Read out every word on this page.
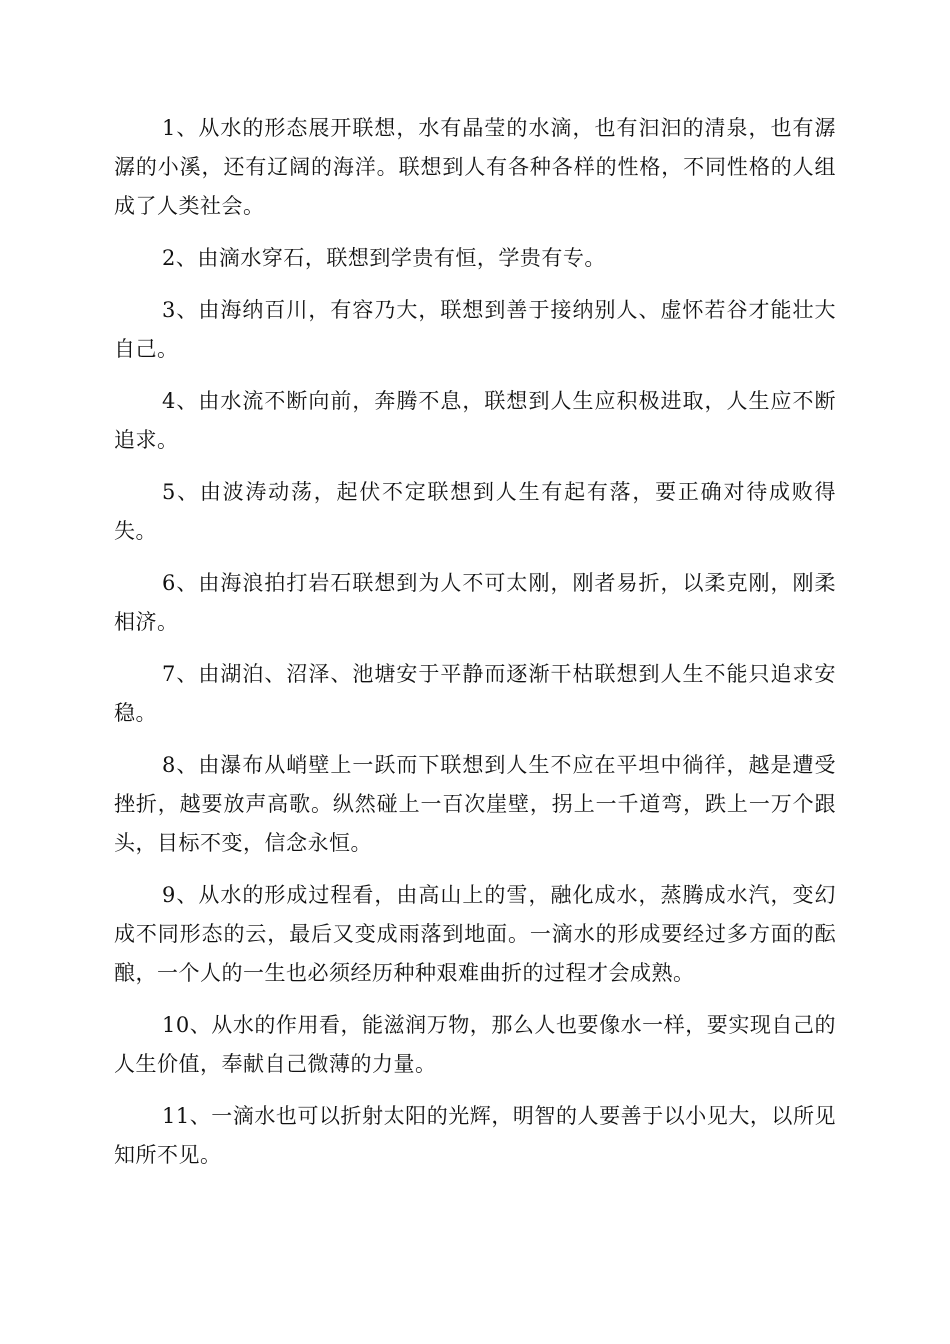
1、从水的形态展开联想，水有晶莹的水滴，也有汩汩的清泉，也有潺潺的小溪，还有辽阔的海洋。联想到人有各种各样的性格，不同性格的人组成了人类社会。

2、由滴水穿石，联想到学贵有恒，学贵有专。

3、由海纳百川，有容乃大，联想到善于接纳别人、虚怀若谷才能壮大自己。

4、由水流不断向前，奔腾不息，联想到人生应积极进取，人生应不断追求。

5、由波涛动荡，起伏不定联想到人生有起有落，要正确对待成败得失。

6、由海浪拍打岩石联想到为人不可太刚，刚者易折，以柔克刚，刚柔相济。

7、由湖泊、沼泽、池塘安于平静而逐渐干枯联想到人生不能只追求安稳。

8、由瀑布从峭壁上一跃而下联想到人生不应在平坦中徜徉，越是遭受挫折，越要放声高歌。纵然碰上一百次崖壁，拐上一千道弯，跌上一万个跟头，目标不变，信念永恒。

9、从水的形成过程看，由高山上的雪，融化成水，蒸腾成水汽，变幻成不同形态的云，最后又变成雨落到地面。一滴水的形成要经过多方面的酝酿，一个人的一生也必须经历种种艰难曲折的过程才会成熟。

10、从水的作用看，能滋润万物，那么人也要像水一样，要实现自己的人生价值，奉献自己微薄的力量。

11、一滴水也可以折射太阳的光辉，明智的人要善于以小见大，以所见知所不见。
